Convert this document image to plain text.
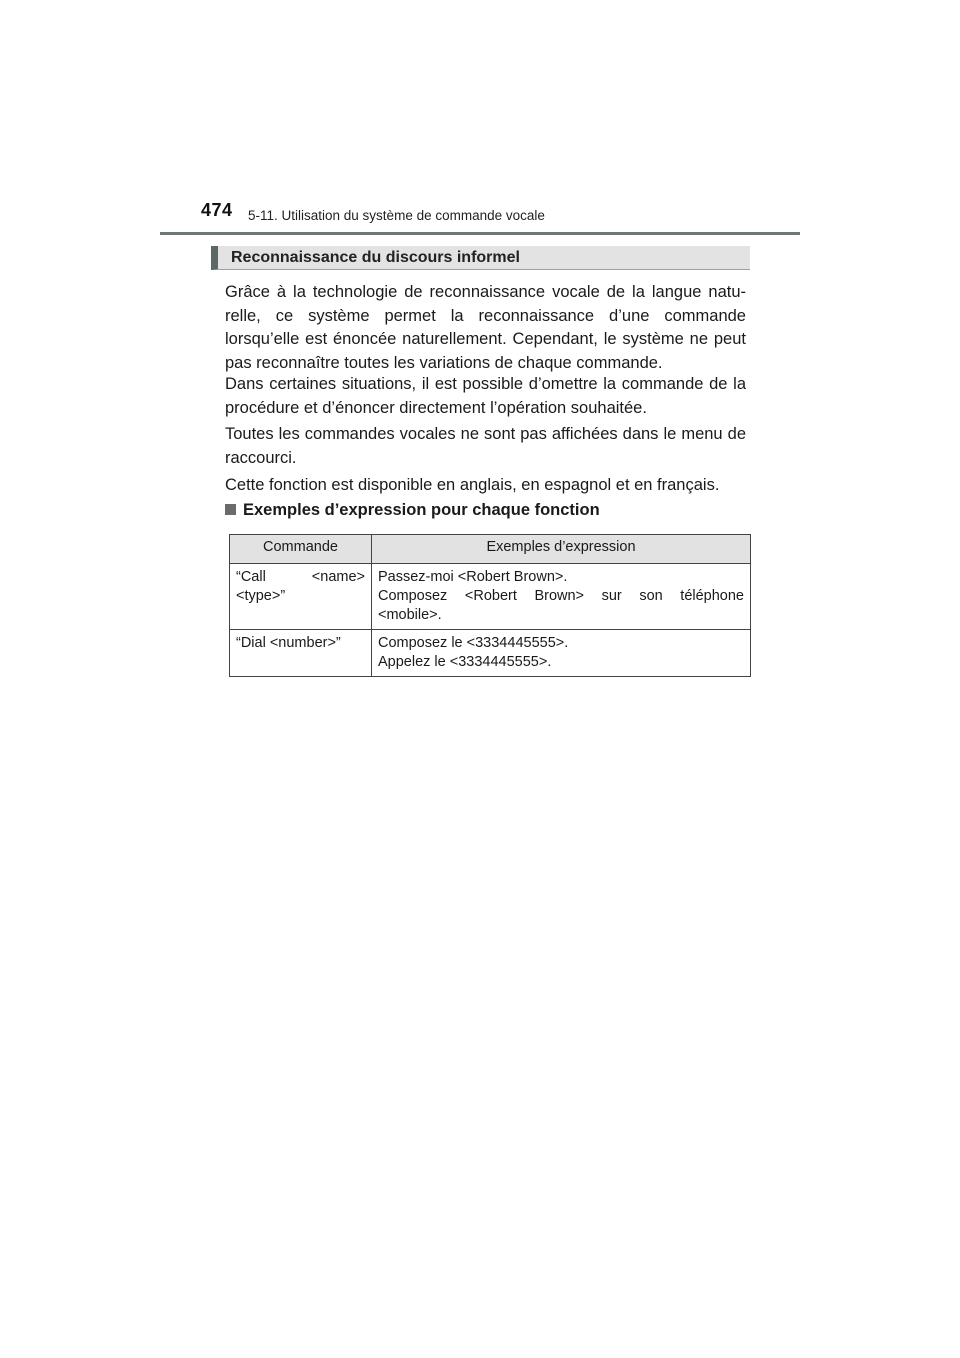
474 5-11. Utilisation du système de commande vocale
Reconnaissance du discours informel

Grâce à la technologie de reconnaissance vocale de la langue natu-relle, ce système permet la reconnaissance d’une commande lorsqu’elle est énoncée naturellement. Cependant, le système ne peut pas reconnaître toutes les variations de chaque commande.

Dans certaines situations, il est possible d’omettre la commande de la procédure et d’énoncer directement l’opération souhaitée.

Toutes les commandes vocales ne sont pas affichées dans le menu de raccourci.

Cette fonction est disponible en anglais, en espagnol et en français.

Exemples d’expression pour chaque fonction
Commande	Exemples d’expression

“Call <name>
<type>”	Passez-moi <Robert Brown>.
Composez <Robert Brown> sur son téléphone
<mobile>.

“Dial <number>”	Composez le <3334445555>.
Appelez le <3334445555>.
